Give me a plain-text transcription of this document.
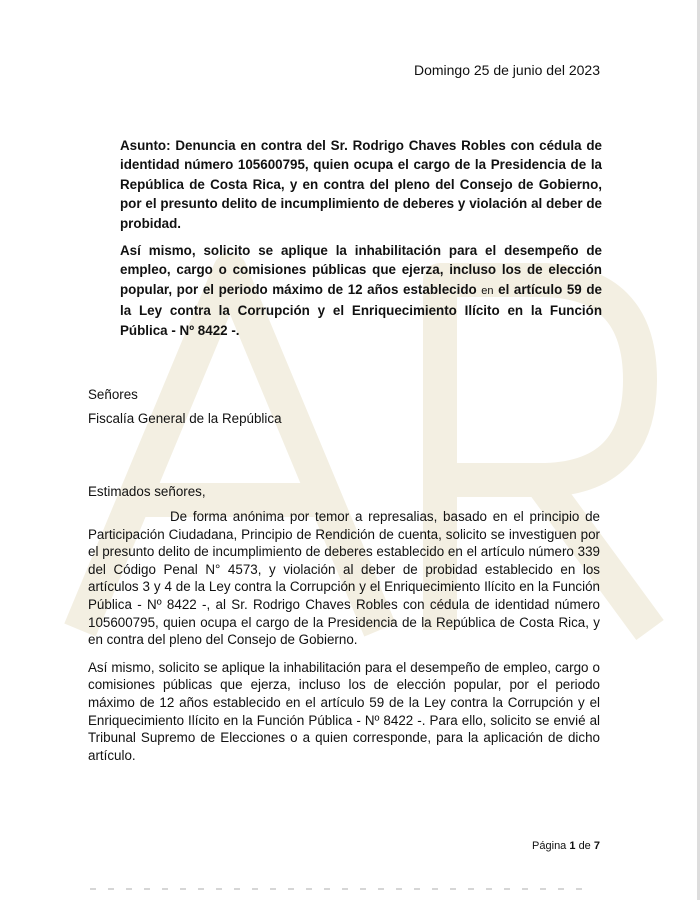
Domingo 25 de junio del 2023

Asunto: Denuncia en contra del Sr. Rodrigo Chaves Robles con cédula de identidad número 105600795, quien ocupa el cargo de la Presidencia de la República de Costa Rica, y en contra del pleno del Consejo de Gobierno, por el presunto delito de incumplimiento de deberes y violación al deber de probidad.

Así mismo, solicito se aplique la inhabilitación para el desempeño de empleo, cargo o comisiones públicas que ejerza, incluso los de elección popular, por el periodo máximo de 12 años establecido en el artículo 59 de la Ley contra la Corrupción y el Enriquecimiento Ilícito en la Función Pública - Nº 8422 -.

Señores
Fiscalía General de la República
Estimados señores,

De forma anónima por temor a represalias, basado en el principio de Participación Ciudadana, Principio de Rendición de cuenta, solicito se investiguen por el presunto delito de incumplimiento de deberes establecido en el artículo número 339 del Código Penal N° 4573, y violación al deber de probidad establecido en los artículos 3 y 4 de la Ley contra la Corrupción y el Enriquecimiento Ilícito en la Función Pública - Nº 8422 -, al Sr. Rodrigo Chaves Robles con cédula de identidad número 105600795, quien ocupa el cargo de la Presidencia de la República de Costa Rica, y en contra del pleno del Consejo de Gobierno.

Así mismo, solicito se aplique la inhabilitación para el desempeño de empleo, cargo o comisiones públicas que ejerza, incluso los de elección popular, por el periodo máximo de 12 años establecido en el artículo 59 de la Ley contra la Corrupción y el Enriquecimiento Ilícito en la Función Pública - Nº 8422 -. Para ello, solicito se envié al Tribunal Supremo de Elecciones o a quien corresponde, para la aplicación de dicho artículo.

Página 1 de 7
